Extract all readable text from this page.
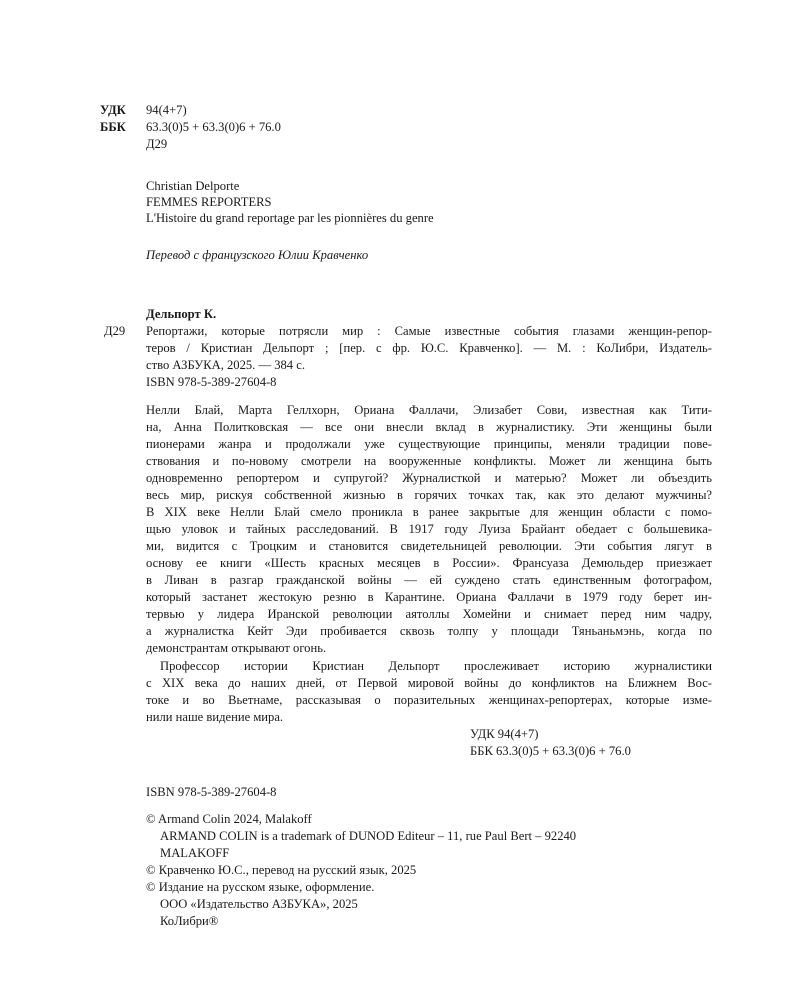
УДК	94(4+7)
ББК	63.3(0)5 + 63.3(0)6 + 76.0
Д29
Christian Delporte
FEMMES REPORTERS
L'Histoire du grand reportage par les pionnières du genre
Перевод с французского Юлии Кравченко
Дельпорт К.
Д29 Репортажи, которые потрясли мир : Самые известные события глазами женщин-репор-
теров / Кристиан Дельпорт ; [пер. с фр. Ю.С. Кравченко]. — М. : КоЛибри, Издатель-
ство АЗБУКА, 2025. — 384 с.
ISBN 978-5-389-27604-8
Нелли Блай, Марта Геллхорн, Ориана Фаллачи, Элизабет Сови, известная как Тити-
на, Анна Политковская — все они внесли вклад в журналистику. Эти женщины были
пионерами жанра и продолжали уже существующие принципы, меняли традиции пове-
ствования и по-новому смотрели на вооруженные конфликты. Может ли женщина быть
одновременно репортером и супругой? Журналисткой и матерью? Может ли объездить
весь мир, рискуя собственной жизнью в горячих точках так, как это делают мужчины?
В XIX веке Нелли Блай смело проникла в ранее закрытые для женщин области с помо-
щью уловок и тайных расследований. В 1917 году Луиза Брайант обедает с большевика-
ми, видится с Троцким и становится свидетельницей революции. Эти события лягут в
основу ее книги «Шесть красных месяцев в России». Франсуаза Демюльдер приезжает
в Ливан в разгар гражданской войны — ей суждено стать единственным фотографом,
который застанет жестокую резню в Карантине. Ориана Фаллачи в 1979 году берет ин-
тервью у лидера Иранской революции аятоллы Хомейни и снимает перед ним чадру,
а журналистка Кейт Эди пробивается сквозь толпу у площади Тяньаньмэнь, когда по
демонстрантам открывают огонь.
Профессор истории Кристиан Дельпорт прослеживает историю журналистики
с XIX века до наших дней, от Первой мировой войны до конфликтов на Ближнем Вос-
токе и во Вьетнаме, рассказывая о поразительных женщинах-репортерах, которые изме-
нили наше видение мира.
УДК 94(4+7)
ББК 63.3(0)5 + 63.3(0)6 + 76.0
ISBN 978-5-389-27604-8
© Armand Colin 2024, Malakoff
ARMAND COLIN is a trademark of DUNOD Editeur – 11, rue Paul Bert – 92240
MALAKOFF
© Кравченко Ю.С., перевод на русский язык, 2025
© Издание на русском языке, оформление.
ООО «Издательство АЗБУКА», 2025
КоЛибри®
